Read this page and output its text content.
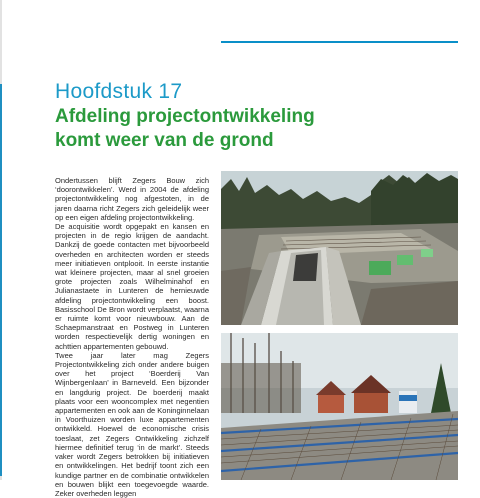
Hoofdstuk 17
Afdeling projectontwikkeling
komt weer van de grond

Ondertussen blijft Zegers Bouw zich ‘doorontwikkelen’. Werd in 2004 de afdeling projectontwikkeling nog afgestoten, in de jaren daarna richt Zegers zich geleidelijk weer op een eigen afdeling projectontwikkeling.

De acquisitie wordt opgepakt en kansen en projecten in de regio krijgen de aandacht. Dankzij de goede contacten met bijvoorbeeld overheden en architecten worden er steeds meer initiatieven ontplooit. In eerste instantie wat kleinere projecten, maar al snel groeien grote projecten zoals Wilhelminahof en Julianastaete in Lunteren de hernieuwde afdeling projectontwikkeling een boost. Basisschool De Bron wordt verplaatst, waarna er ruimte komt voor nieuwbouw. Aan de Schaepmanstraat en Postweg in Lunteren worden respectievelijk dertig woningen en achttien appartementen gebouwd.

Twee jaar later mag Zegers Projectontwikkeling zich onder andere buigen over het project ‘Boerderij Van Wijnbergenlaan’ in Barneveld. Een bijzonder en langdurig project. De boerderij maakt plaats voor een wooncomplex met negentien appartementen en ook aan de Koninginnelaan in Voorthuizen worden luxe appartementen ontwikkeld. Hoewel de economische crisis toeslaat, zet Zegers Ontwikkeling zichzelf hiermee definitief terug ‘in de markt’. Steeds vaker wordt Zegers betrokken bij initiatieven en ontwikkelingen. Het bedrijf toont zich een kundige partner en de combinatie ontwikkelen en bouwen blijkt een toegevoegde waarde. Zeker overheden leggen
